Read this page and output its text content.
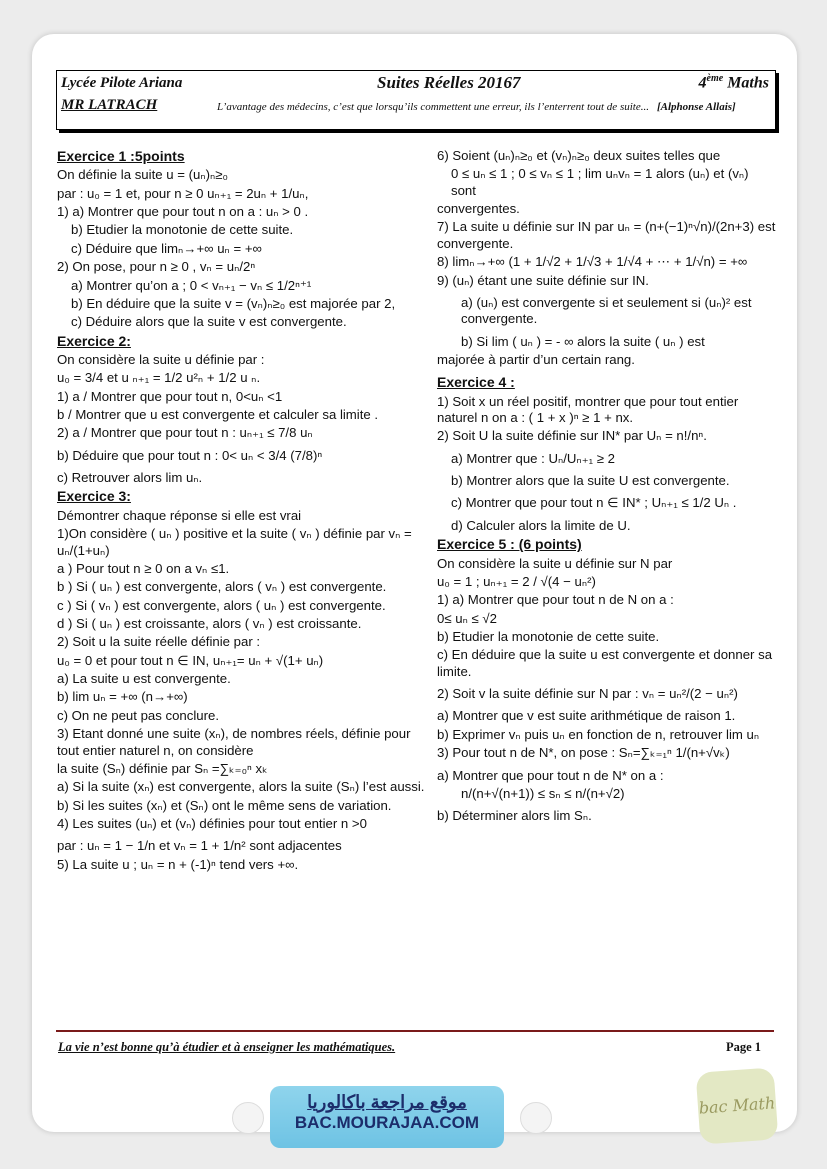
Lycée Pilote Ariana
MR LATRACH
Suites Réelles 20167	4ème Maths
L’avantage des médecins, c’est que lorsqu’ils commettent une erreur, ils l’enterrent tout de suite... [Alphonse Allais]

Exercice 1 :5points

On définie la suite u = (uₙ)ₙ≥₀

par : u₀ = 1 et, pour n ≥ 0 uₙ₊₁ = 2uₙ + 1/uₙ,

1) a) Montrer que pour tout n on a : uₙ > 0 .

b) Etudier la monotonie de cette suite.

c) Déduire que limₙ→+∞ uₙ = +∞

2) On pose, pour n ≥ 0 , vₙ = uₙ/2ⁿ

a) Montrer qu’on a ; 0 < vₙ₊₁ − vₙ ≤ 1/2ⁿ⁺¹

b) En déduire que la suite v = (vₙ)ₙ≥₀ est majorée par 2,

c) Déduire alors que la suite v est convergente.

Exercice 2:

On considère la suite u définie par :

u₀ = 3/4 et u ₙ₊₁ = 1/2 u²ₙ + 1/2 u ₙ.

1) a / Montrer que pour tout n, 0<uₙ <1

b / Montrer que u est convergente et calculer sa limite .

2) a / Montrer que pour tout n : uₙ₊₁ ≤ 7/8 uₙ

b) Déduire que pour tout n : 0< uₙ < 3/4 (7/8)ⁿ

c) Retrouver alors lim uₙ.

Exercice 3:

Démontrer chaque réponse si elle est vrai

1)On considère ( uₙ ) positive et la suite ( vₙ ) définie par vₙ = uₙ/(1+uₙ)

a ) Pour tout n ≥ 0 on a vₙ ≤1.

b ) Si ( uₙ ) est convergente, alors ( vₙ ) est convergente.

c ) Si ( vₙ ) est convergente, alors ( uₙ ) est convergente.

d ) Si ( uₙ ) est croissante, alors ( vₙ ) est croissante.

2) Soit u la suite réelle définie par :

u₀ = 0 et pour tout n ∈ IN, uₙ₊₁= uₙ + √(1+ uₙ)

a) La suite u est convergente.

b) lim uₙ = +∞ (n→+∞)

c) On ne peut pas conclure.

3) Etant donné une suite (xₙ), de nombres réels, définie pour tout entier naturel n, on considère

la suite (Sₙ) définie par Sₙ =∑ₖ₌₀ⁿ xₖ

a) Si la suite (xₙ) est convergente, alors la suite (Sₙ) l’est aussi.

b) Si les suites (xₙ) et (Sₙ) ont le même sens de variation.

4) Les suites (uₙ) et (vₙ) définies pour tout entier n >0

par : uₙ = 1 − 1/n et vₙ = 1 + 1/n² sont adjacentes

5) La suite u ; uₙ = n + (-1)ⁿ tend vers +∞.

6) Soient (uₙ)ₙ≥₀ et (vₙ)ₙ≥₀ deux suites telles que

0 ≤ uₙ ≤ 1 ; 0 ≤ vₙ ≤ 1 ; lim uₙvₙ = 1 alors (uₙ) et (vₙ) sont

convergentes.

7) La suite u définie sur IN par uₙ = (n+(−1)ⁿ√n)/(2n+3) est convergente.

8) limₙ→+∞ (1 + 1/√2 + 1/√3 + 1/√4 + ⋯ + 1/√n) = +∞

9) (uₙ) étant une suite définie sur IN.

a) (uₙ) est convergente si et seulement si (uₙ)² est convergente.

b) Si lim ( uₙ ) = - ∞ alors la suite ( uₙ ) est

majorée à partir d’un certain rang.

Exercice 4 :

1) Soit x un réel positif, montrer que pour tout entier naturel n on a : ( 1 + x )ⁿ ≥ 1 + nx.

2) Soit U la suite définie sur IN* par Uₙ = n!/nⁿ.

a) Montrer que : Uₙ/Uₙ₊₁ ≥ 2

b) Montrer alors que la suite U est convergente.

c) Montrer que pour tout n ∈ IN* ; Uₙ₊₁ ≤ 1/2 Uₙ .

d) Calculer alors la limite de U.

Exercice 5 : (6 points)

On considère la suite u définie sur N par

u₀ = 1 ; uₙ₊₁ = 2 / √(4 − uₙ²)

1) a) Montrer que pour tout n de N on a :

0≤ uₙ ≤ √2

b) Etudier la monotonie de cette suite.

c) En déduire que la suite u est convergente et donner sa limite.

2) Soit v la suite définie sur N par : vₙ = uₙ²/(2 − uₙ²)

a) Montrer que v est suite arithmétique de raison 1.

b) Exprimer vₙ puis uₙ en fonction de n, retrouver lim uₙ

3) Pour tout n de N*, on pose : Sₙ=∑ₖ₌₁ⁿ 1/(n+√vₖ)

a) Montrer que pour tout n de N* on a :

n/(n+√(n+1)) ≤ sₙ ≤ n/(n+√2)

b) Déterminer alors lim Sₙ.

La vie n’est bonne qu’à étudier et à enseigner les mathématiques.	Page 1
موقع مراجعة باكالوريا
BAC.MOURAJAA.COM
bac Math
